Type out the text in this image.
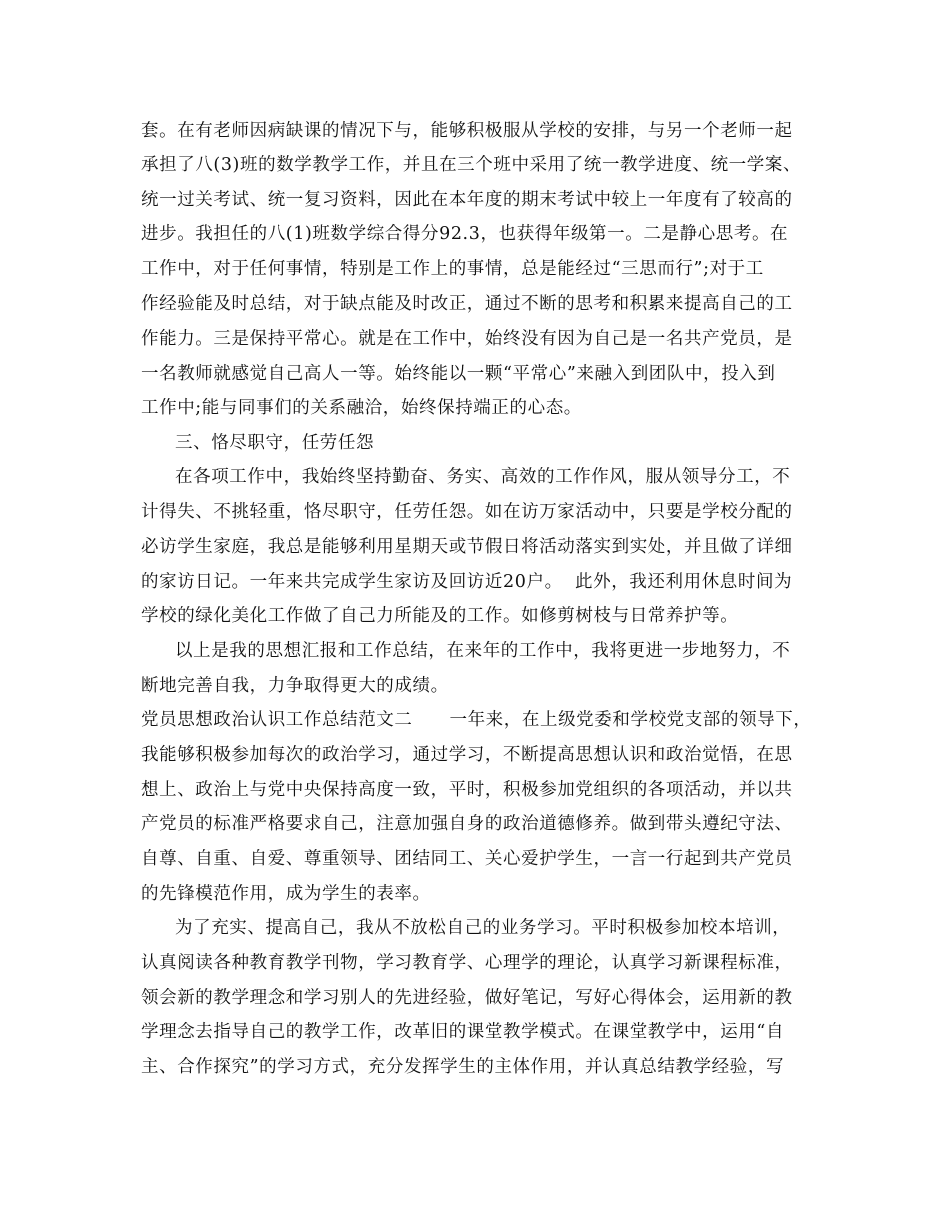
套。在有老师因病缺课的情况下与，能够积极服从学校的安排，与另一个老师一起
承担了八(3)班的数学教学工作，并且在三个班中采用了统一教学进度、统一学案、
统一过关考试、统一复习资料，因此在本年度的期末考试中较上一年度有了较高的
进步。我担任的八(1)班数学综合得分92.3，也获得年级第一。二是静心思考。在
工作中，对于任何事情，特别是工作上的事情，总是能经过“三思而行”;对于工
作经验能及时总结，对于缺点能及时改正，通过不断的思考和积累来提高自己的工
作能力。三是保持平常心。就是在工作中，始终没有因为自己是一名共产党员，是
一名教师就感觉自己高人一等。始终能以一颗“平常心”来融入到团队中，投入到
工作中;能与同事们的关系融洽，始终保持端正的心态。
三、恪尽职守，任劳任怨
在各项工作中，我始终坚持勤奋、务实、高效的工作作风，服从领导分工，不
计得失、不挑轻重，恪尽职守，任劳任怨。如在访万家活动中，只要是学校分配的
必访学生家庭，我总是能够利用星期天或节假日将活动落实到实处，并且做了详细
的家访日记。一年来共完成学生家访及回访近20户。  此外，我还利用休息时间为
学校的绿化美化工作做了自己力所能及的工作。如修剪树枝与日常养护等。
以上是我的思想汇报和工作总结，在来年的工作中，我将更进一步地努力，不
断地完善自我，力争取得更大的成绩。
党员思想政治认识工作总结范文二      一年来，在上级党委和学校党支部的领导下，
我能够积极参加每次的政治学习，通过学习，不断提高思想认识和政治觉悟，在思
想上、政治上与党中央保持高度一致，平时，积极参加党组织的各项活动，并以共
产党员的标准严格要求自己，注意加强自身的政治道德修养。做到带头遵纪守法、
自尊、自重、自爱、尊重领导、团结同工、关心爱护学生，一言一行起到共产党员
的先锋模范作用，成为学生的表率。
为了充实、提高自己，我从不放松自己的业务学习。平时积极参加校本培训，
认真阅读各种教育教学刊物，学习教育学、心理学的理论，认真学习新课程标准，
领会新的教学理念和学习别人的先进经验，做好笔记，写好心得体会，运用新的教
学理念去指导自己的教学工作，改革旧的课堂教学模式。在课堂教学中，运用“自
主、合作探究”的学习方式，充分发挥学生的主体作用，并认真总结教学经验，写
